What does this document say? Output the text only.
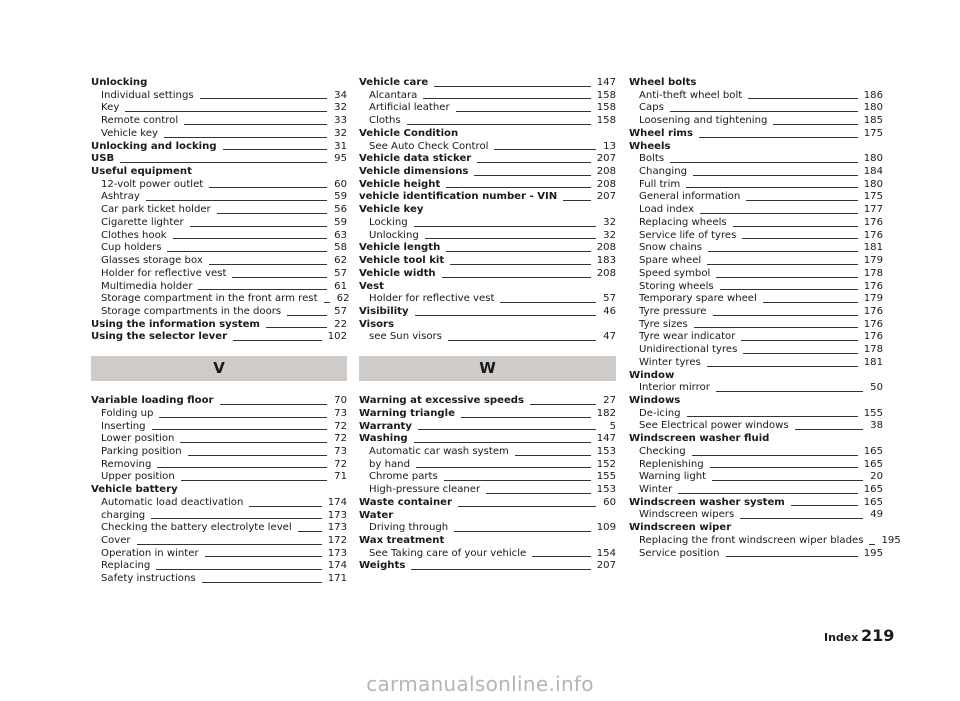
Unlocking
Individual settings	34
Key	32
Remote control	33
Vehicle key	32
Unlocking and locking	31
USB	95
Useful equipment
12-volt power outlet	60
Ashtray	59
Car park ticket holder	56
Cigarette lighter	59
Clothes hook	63
Cup holders	58
Glasses storage box	62
Holder for reflective vest	57
Multimedia holder	61
Storage compartment in the front arm rest 62
Storage compartments in the doors	57
Using the information system	22
Using the selector lever	102
V
Variable loading floor	70
Folding up	73
Inserting	72
Lower position	72
Parking position	73
Removing	72
Upper position	71
Vehicle battery
Automatic load deactivation	174
charging	173
Checking the battery electrolyte level	173
Cover	172
Operation in winter	173
Replacing	174
Safety instructions	171
Vehicle care	147
Alcantara	158
Artificial leather	158
Cloths	158
Vehicle Condition
See Auto Check Control	13
Vehicle data sticker	207
Vehicle dimensions	208
Vehicle height	208
vehicle identification number - VIN	207
Vehicle key
Locking	32
Unlocking	32
Vehicle length	208
Vehicle tool kit	183
Vehicle width	208
Vest
Holder for reflective vest	57
Visibility	46
Visors
see Sun visors	47
W
Warning at excessive speeds	27
Warning triangle	182
Warranty	5
Washing	147
Automatic car wash system	153
by hand	152
Chrome parts	155
High-pressure cleaner	153
Waste container	60
Water
Driving through	109
Wax treatment
See Taking care of your vehicle	154
Weights	207
Wheel bolts
Anti-theft wheel bolt	186
Caps	180
Loosening and tightening	185
Wheel rims	175
Wheels
Bolts	180
Changing	184
Full trim	180
General information	175
Load index	177
Replacing wheels	176
Service life of tyres	176
Snow chains	181
Spare wheel	179
Speed symbol	178
Storing wheels	176
Temporary spare wheel	179
Tyre pressure	176
Tyre sizes	176
Tyre wear indicator	176
Unidirectional tyres	178
Winter tyres	181
Window
Interior mirror	50
Windows
De-icing	155
See Electrical power windows	38
Windscreen washer fluid
Checking	165
Replenishing	165
Warning light	20
Winter	165
Windscreen washer system	165
Windscreen wipers	49
Windscreen wiper
Replacing the front windscreen wiper blades 195
Service position	195
Index 219
carmanualsonline.info
